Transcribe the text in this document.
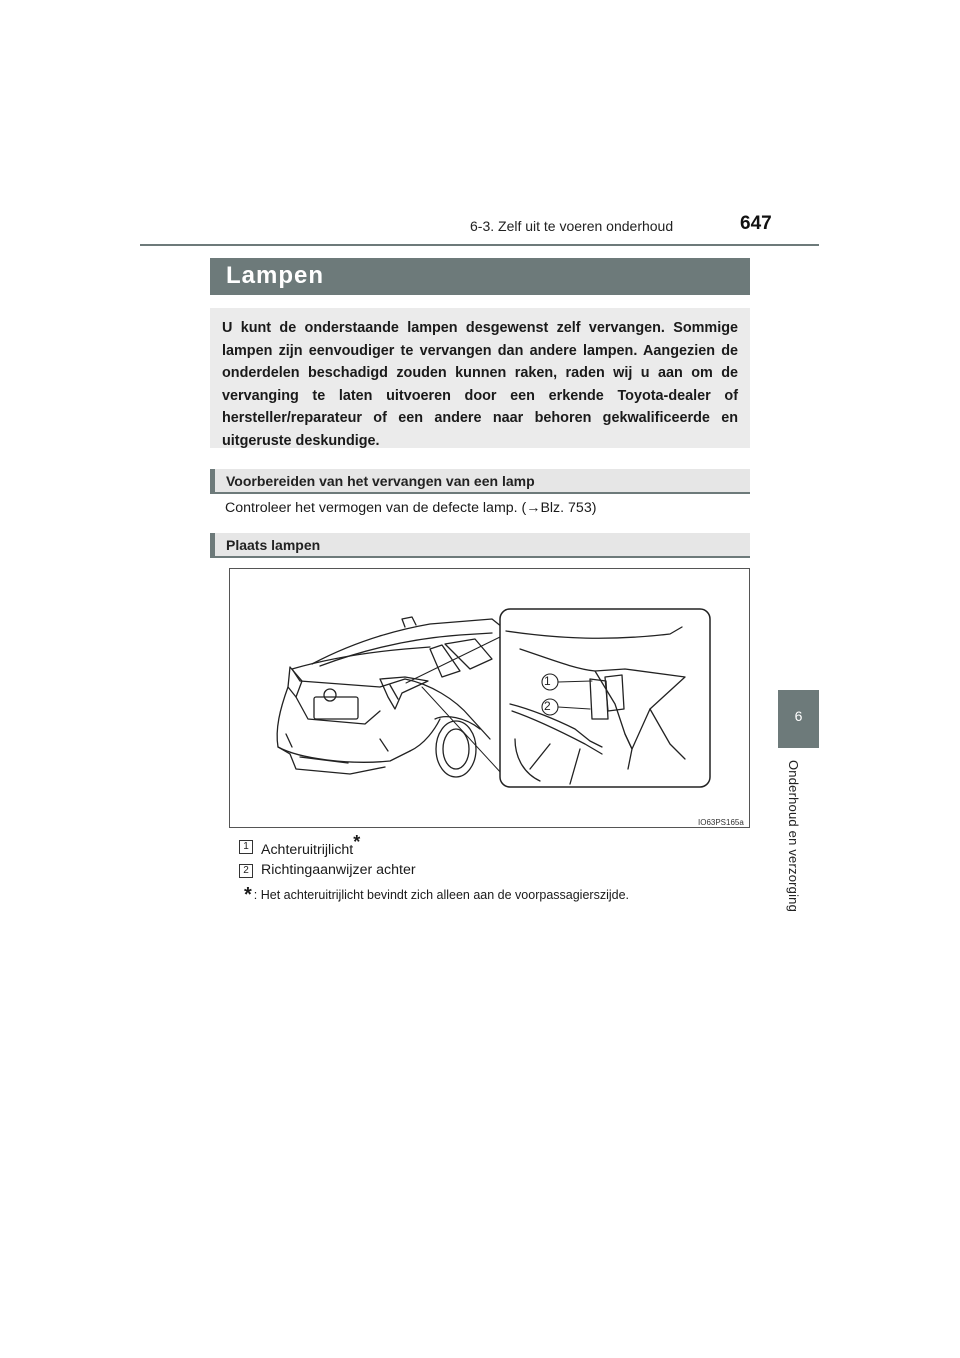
6-3. Zelf uit te voeren onderhoud	647
6
Onderhoud en verzorging
Lampen
U kunt de onderstaande lampen desgewenst zelf vervangen. Sommige lampen zijn eenvoudiger te vervangen dan andere lampen. Aangezien de onderdelen beschadigd zouden kunnen raken, raden wij u aan om de vervanging te laten uitvoeren door een erkende Toyota-dealer of hersteller/reparateur of een andere naar behoren gekwalificeerde en uitgeruste deskundige.
Voorbereiden van het vervangen van een lamp
Controleer het vermogen van de defecte lamp. (→Blz. 753)
Plaats lampen
1
2
IO63PS165a
1 Achteruitrijlicht*
2 Richtingaanwijzer achter
* : Het achteruitrijlicht bevindt zich alleen aan de voorpassagierszijde.
